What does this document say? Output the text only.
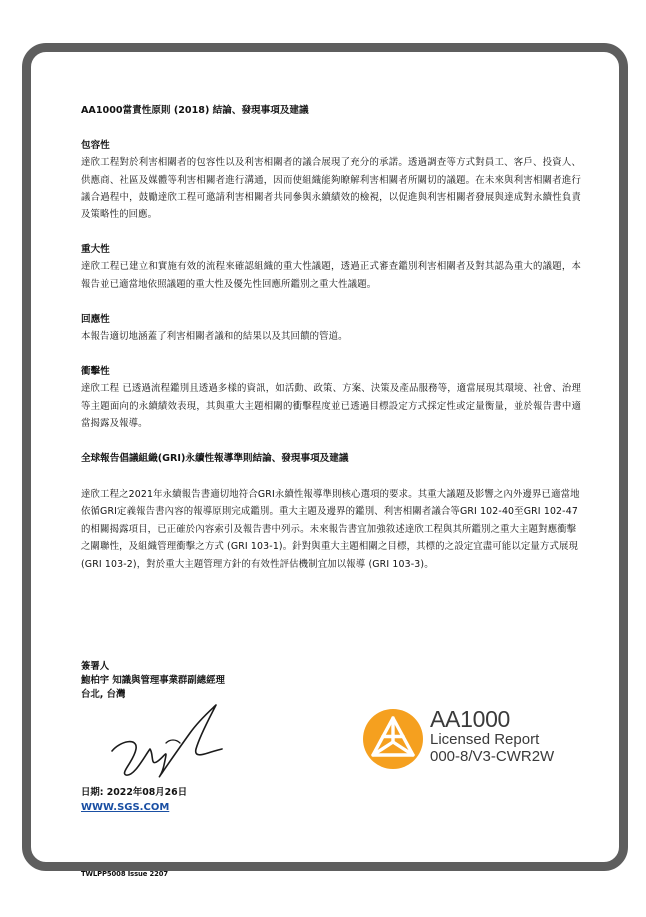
AA1000當責性原則 (2018) 結論、發現事項及建議

包容性

達欣工程對於利害相關者的包容性以及利害相關者的議合展現了充分的承諾。透過調查等方式對員工、客戶、投資人、供應商、社區及媒體等利害相關者進行溝通，因而使組織能夠瞭解利害相關者所關切的議題。在未來與利害相關者進行議合過程中，鼓勵達欣工程可邀請利害相關者共同參與永續績效的檢視，以促進與利害相關者發展與達成對永續性負責及策略性的回應。

重大性

達欣工程已建立和實施有效的流程來確認組織的重大性議題，透過正式審查鑑別利害相關者及對其認為重大的議題，本報告並已適當地依照議題的重大性及優先性回應所鑑別之重大性議題。

回應性

本報告適切地涵蓋了利害相關者議和的結果以及其回饋的管道。

衝擊性

達欣工程 已透過流程鑑別且透過多樣的資訊，如活動、政策、方案、決策及產品服務等，適當展現其環境、社會、治理等主題面向的永續績效表現，其與重大主題相關的衝擊程度並已透過目標設定方式採定性或定量衡量，並於報告書中適當揭露及報導。

全球報告倡議組織(GRI)永續性報導準則結論、發現事項及建議

達欣工程之2021年永續報告書適切地符合GRI永續性報導準則核心選項的要求。其重大議題及影響之內外邊界已適當地依循GRI定義報告書內容的報導原則完成鑑別。重大主題及邊界的鑑別、利害相關者議合等GRI 102-40至GRI 102-47的相關揭露項目，已正確於內容索引及報告書中列示。未來報告書宜加強敘述達欣工程與其所鑑別之重大主題對應衝擊之關聯性，及組織管理衝擊之方式 (GRI 103-1)。針對與重大主題相關之目標，其標的之設定宜盡可能以定量方式展現 (GRI 103-2)，對於重大主題管理方針的有效性評估機制宜加以報導 (GRI 103-3)。

簽署人
鮑柏宇 知識與管理事業群副總經理
台北, 台灣
日期: 2022年08月26日
WWW.SGS.COM
AA1000
Licensed Report
000-8/V3-CWR2W
TWLPP5008 Issue 2207
